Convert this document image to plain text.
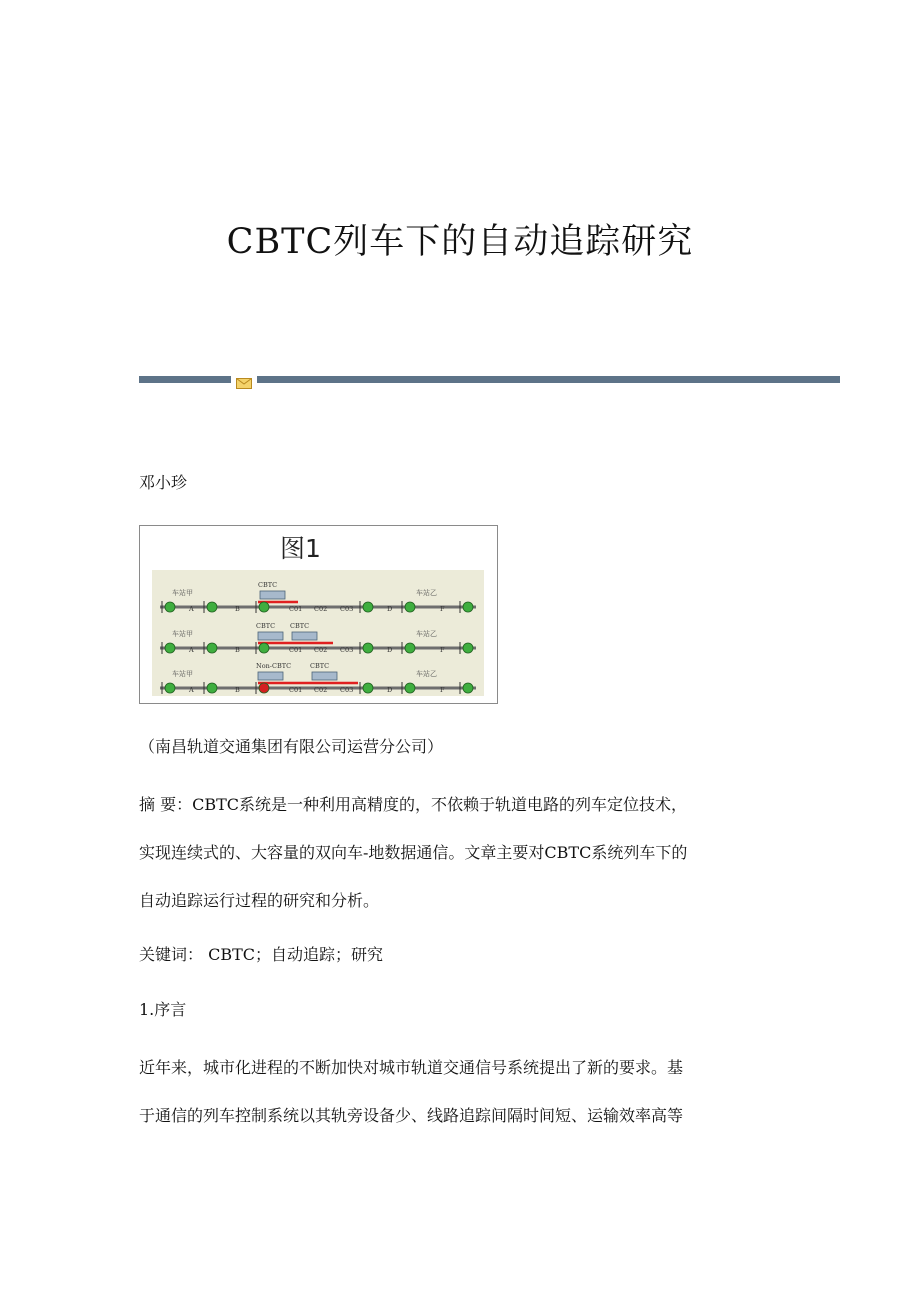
CBTC列车下的自动追踪研究
邓小珍
图1
车站甲	车站乙
A	B	C01 C02 C03	D	F
CBTC
车站甲	车站乙
A	B	C01 C02 C03	D	F
CBTC CBTC
车站甲	车站乙
A	B	C01 C02 C03	D	F
Non-CBTC	CBTC
（南昌轨道交通集团有限公司运营分公司）
摘 要：CBTC系统是一种利用高精度的，不依赖于轨道电路的列车定位技术，
实现连续式的、大容量的双向车-地数据通信。文章主要对CBTC系统列车下的
自动追踪运行过程的研究和分析。
关键词： CBTC；自动追踪；研究
1.序言
近年来，城市化进程的不断加快对城市轨道交通信号系统提出了新的要求。基
于通信的列车控制系统以其轨旁设备少、线路追踪间隔时间短、运输效率高等
